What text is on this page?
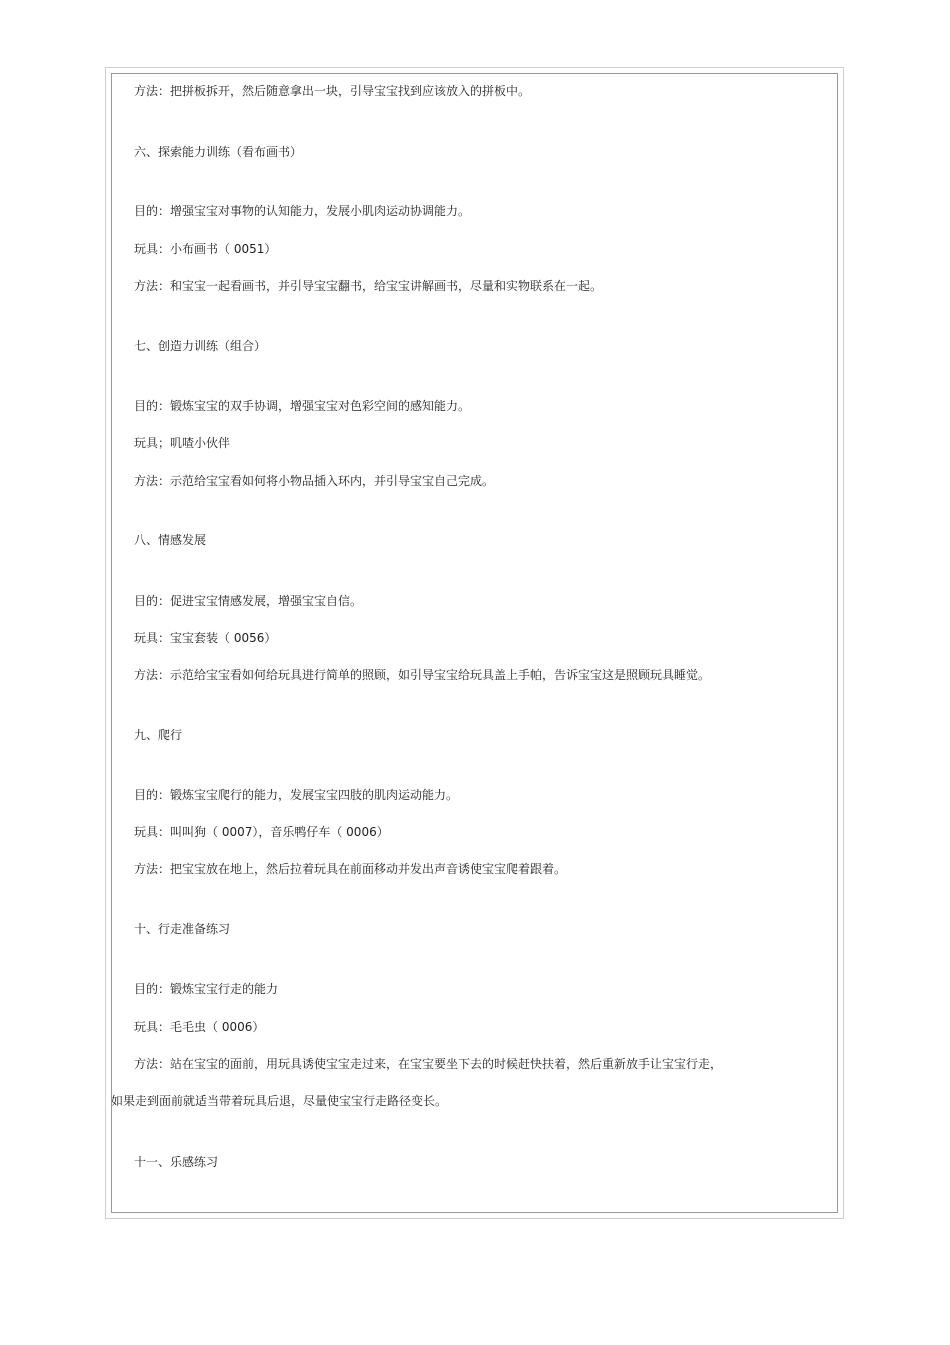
方法：把拼板拆开，然后随意拿出一块，引导宝宝找到应该放入的拼板中。
六、探索能力训练（看布画书）
目的：增强宝宝对事物的认知能力，发展小肌肉运动协调能力。
玩具：小布画书（ 0051）
方法：和宝宝一起看画书，并引导宝宝翻书，给宝宝讲解画书，尽量和实物联系在一起。
七、创造力训练（组合）
目的：锻炼宝宝的双手协调，增强宝宝对色彩空间的感知能力。
玩具；叽喳小伙伴
方法：示范给宝宝看如何将小物品插入环内，并引导宝宝自己完成。
八、情感发展
目的：促进宝宝情感发展，增强宝宝自信。
玩具：宝宝套装（ 0056）
方法：示范给宝宝看如何给玩具进行简单的照顾，如引导宝宝给玩具盖上手帕，告诉宝宝这是照顾玩具睡觉。
九、爬行
目的：锻炼宝宝爬行的能力，发展宝宝四肢的肌肉运动能力。
玩具：叫叫狗（ 0007），音乐鸭仔车（ 0006）
方法：把宝宝放在地上，然后拉着玩具在前面移动并发出声音诱使宝宝爬着跟着。
十、行走准备练习
目的：锻炼宝宝行走的能力
玩具：毛毛虫（ 0006）
方法：站在宝宝的面前，用玩具诱使宝宝走过来，在宝宝要坐下去的时候赶快扶着，然后重新放手让宝宝行走，
如果走到面前就适当带着玩具后退，尽量使宝宝行走路径变长。
十一、乐感练习
